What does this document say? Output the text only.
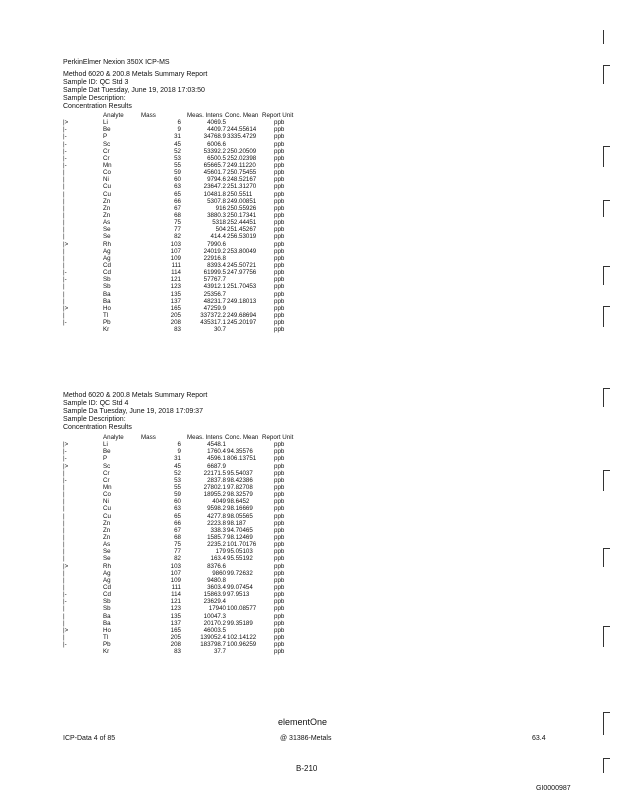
PerkinElmer Nexion 350X ICP-MS
Method 6020 & 200.8 Metals Summary Report
Sample ID: QC Std 3
Sample Dat Tuesday, June 19, 2018 17:03:50
Sample Description:
Concentration Results
Analyte	Mass	Meas. Intens Conc. Mean Report Unit
|>	Li	6	4069.5	ppb
|-	Be	9	4409.7 244.55614	ppb
|-	P	31	34768.9 3335.4729	ppb
|-	Sc	45	6006.6	ppb
|-	Cr	52	53392.2 250.20509	ppb
|-	Cr	53	6500.5 252.02398	ppb
|-	Mn	55	65665.7 249.11220	ppb
|	Co	59	45601.7 250.75455	ppb
|	Ni	60	9794.6 248.52167	ppb
|	Cu	63	23647.2 251.31270	ppb
|	Cu	65	10481.8 250.5511	ppb
|	Zn	66	5307.8 249.00851	ppb
|	Zn	67	916 250.55926	ppb
|	Zn	68	3880.3 250.17341	ppb
|	As	75	5318 252.44451	ppb
|	Se	77	504 251.45267	ppb
|	Se	82	414.4 256.53019	ppb
|>	Rh	103	7990.6	ppb
|	Ag	107	24019.2 253.80049	ppb
|	Ag	109	22916.8	ppb
|	Cd	111	8393.4 245.50721	ppb
|-	Cd	114	61999.5 247.97756	ppb
|-	Sb	121	57767.7	ppb
|	Sb	123	43912.1 251.70453	ppb
|	Ba	135	25356.7	ppb
|	Ba	137	48231.7 249.18013	ppb
|>	Ho	165	47259.9	ppb
|	Tl	205	337372.2 249.68694	ppb
|-	Pb	208	435317.1 245.20197	ppb
Kr	83	30.7	ppb
Method 6020 & 200.8 Metals Summary Report
Sample ID: QC Std 4
Sample Da Tuesday, June 19, 2018 17:09:37
Sample Description:
Concentration Results
Analyte	Mass	Meas. Intens Conc. Mean Report Unit
|>	Li	6	4548.1	ppb
|-	Be	9	1760.4 94.35576	ppb
|-	P	31	4596.1 806.13751	ppb
|>	Sc	45	6687.9	ppb
|	Cr	52	22171.5 95.54037	ppb
|-	Cr	53	2837.8 98.42386	ppb
|	Mn	55	27802.1 97.82708	ppb
|	Co	59	18955.2 98.32579	ppb
|	Ni	60	4049 98.6452	ppb
|	Cu	63	9598.2 98.16669	ppb
|	Cu	65	4277.8 98.05565	ppb
|	Zn	66	2223.8 98.187	ppb
|	Zn	67	338.3 94.70465	ppb
|	Zn	68	1585.7 98.12469	ppb
|	As	75	2235.2 101.70176	ppb
|	Se	77	179 95.05103	ppb
|	Se	82	163.4 95.55192	ppb
|>	Rh	103	8376.6	ppb
|	Ag	107	9860 99.72632	ppb
|	Ag	109	9480.8	ppb
|	Cd	111	3603.4 99.07454	ppb
|-	Cd	114	15863.9 97.9513	ppb
|-	Sb	121	23629.4	ppb
|	Sb	123	17940 100.08577	ppb
|	Ba	135	10047.3	ppb
|	Ba	137	20170.2 99.35189	ppb
|>	Ho	165	46003.5	ppb
|	Tl	205	139052.4 102.14122	ppb
|-	Pb	208	183798.7 100.96259	ppb
Kr	83	37.7	ppb
elementOne
ICP-Data 4 of 85	@ 31386-Metals	63.4
B-210
GI0000987
